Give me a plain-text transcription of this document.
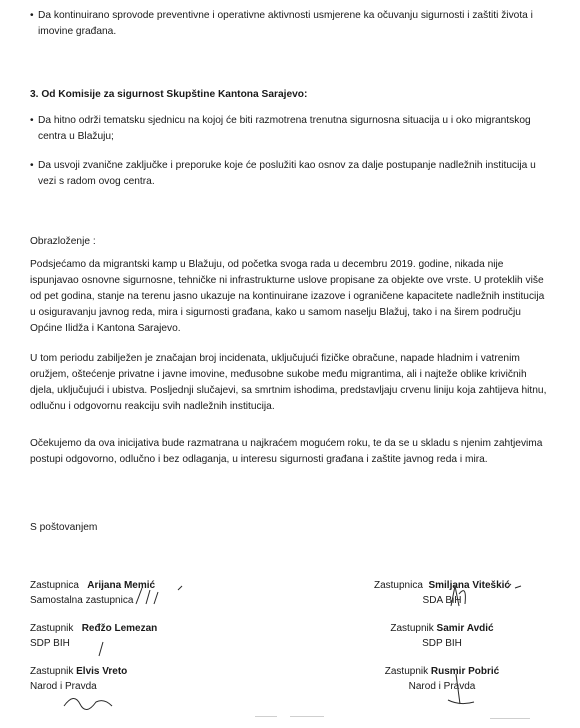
• Da kontinuirano sprovode preventivne i operativne aktivnosti usmjerene ka očuvanju sigurnosti i zaštiti života i imovine građana.

3. Od Komisije za sigurnost Skupštine Kantona Sarajevo:

• Da hitno održi tematsku sjednicu na kojoj će biti razmotrena trenutna sigurnosna situacija u i oko migrantskog centra u Blažuju;

• Da usvoji zvanične zaključke i preporuke koje će poslužiti kao osnov za dalje postupanje nadležnih institucija u vezi s radom ovog centra.

Obrazloženje :

Podsjećamo da migrantski kamp u Blažuju, od početka svoga rada u decembru 2019. godine, nikada nije ispunjavao osnovne sigurnosne, tehničke ni infrastrukturne uslove propisane za objekte ove vrste. U proteklih više od pet godina, stanje na terenu jasno ukazuje na kontinuirane izazove i ograničene kapacitete nadležnih institucija u osiguravanju javnog reda, mira i sigurnosti građana, kako u samom naselju Blažuj, tako i na širem području Općine Ilidža i Kantona Sarajevo.

U tom periodu zabilježen je značajan broj incidenata, uključujući fizičke obračune, napade hladnim i vatrenim oružjem, oštećenje privatne i javne imovine, međusobne sukobe među migrantima, ali i najteže oblike krivičnih djela, uključujući i ubistva. Posljednji slučajevi, sa smrtnim ishodima, predstavljaju crvenu liniju koja zahtijeva hitnu, odlučnu i odgovornu reakciju svih nadležnih institucija.

Očekujemo da ova inicijativa bude razmatrana u najkraćem mogućem roku, te da se u skladu s njenim zahtjevima postupi odgovorno, odlučno i bez odlaganja, u interesu sigurnosti građana i zaštite javnog reda i mira.

S poštovanjem

Zastupnica Arijana Memić
Samostalna zastupnica
Zastupnik Ređžo Lemezan
SDP BIH
Zastupnik Elvis Vreto
Narod i Pravda
Zastupnica Smiljana Viteškić
SDA BiH
Zastupnik Samir Avdić
SDP BIH
Zastupnik Rusmir Pobrić
Narod i Pravda
